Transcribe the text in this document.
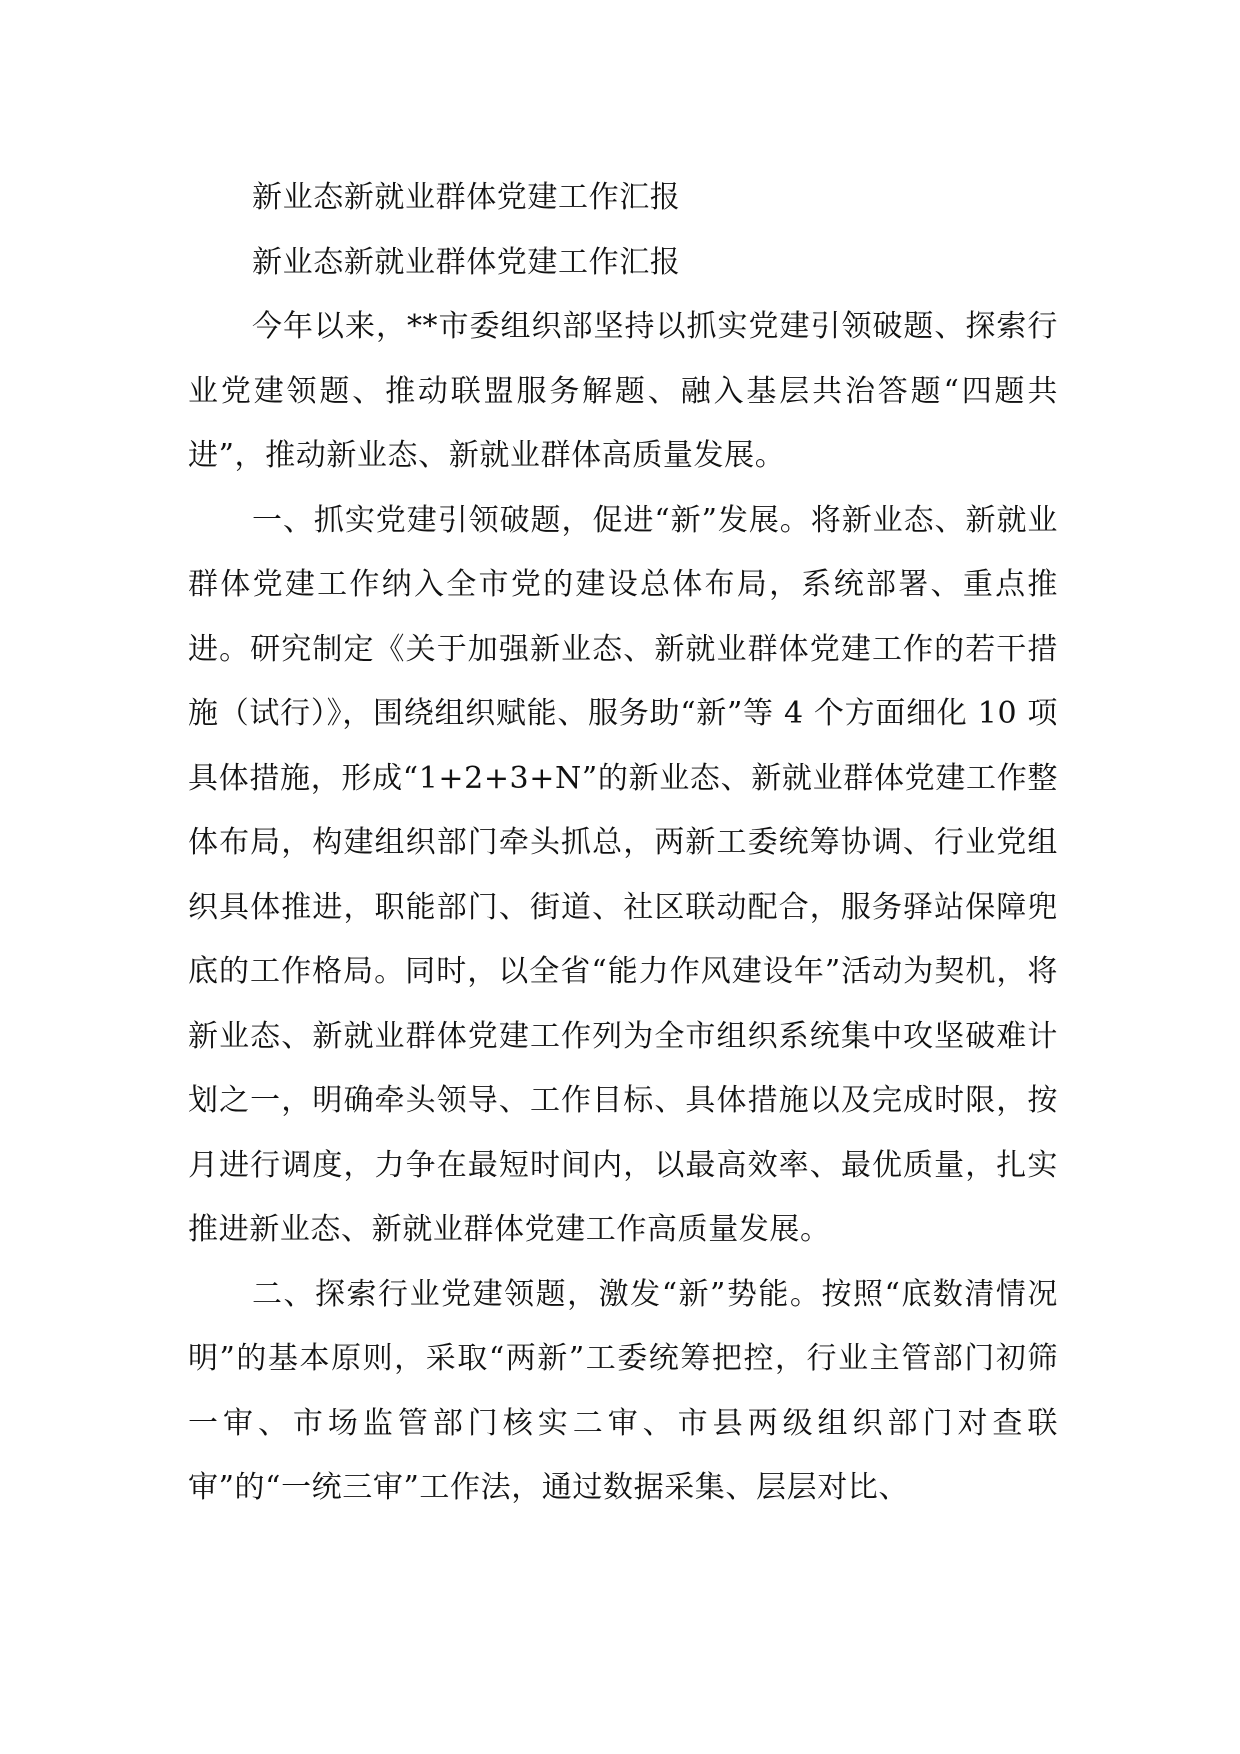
新业态新就业群体党建工作汇报

新业态新就业群体党建工作汇报

今年以来，**市委组织部坚持以抓实党建引领破题、探索行业党建领题、推动联盟服务解题、融入基层共治答题“四题共进”，推动新业态、新就业群体高质量发展。

一、抓实党建引领破题，促进“新”发展。将新业态、新就业群体党建工作纳入全市党的建设总体布局，系统部署、重点推进。研究制定《关于加强新业态、新就业群体党建工作的若干措施（试行）》，围绕组织赋能、服务助“新”等 4 个方面细化 10 项具体措施，形成“1+2+3+N”的新业态、新就业群体党建工作整体布局，构建组织部门牵头抓总，两新工委统筹协调、行业党组织具体推进，职能部门、街道、社区联动配合，服务驿站保障兜底的工作格局。同时，以全省“能力作风建设年”活动为契机，将新业态、新就业群体党建工作列为全市组织系统集中攻坚破难计划之一，明确牵头领导、工作目标、具体措施以及完成时限，按月进行调度，力争在最短时间内，以最高效率、最优质量，扎实推进新业态、新就业群体党建工作高质量发展。

二、探索行业党建领题，激发“新”势能。按照“底数清情况明”的基本原则，采取“两新”工委统筹把控，行业主管部门初筛一审、市场监管部门核实二审、市县两级组织部门对查联审”的“一统三审”工作法，通过数据采集、层层对比、
